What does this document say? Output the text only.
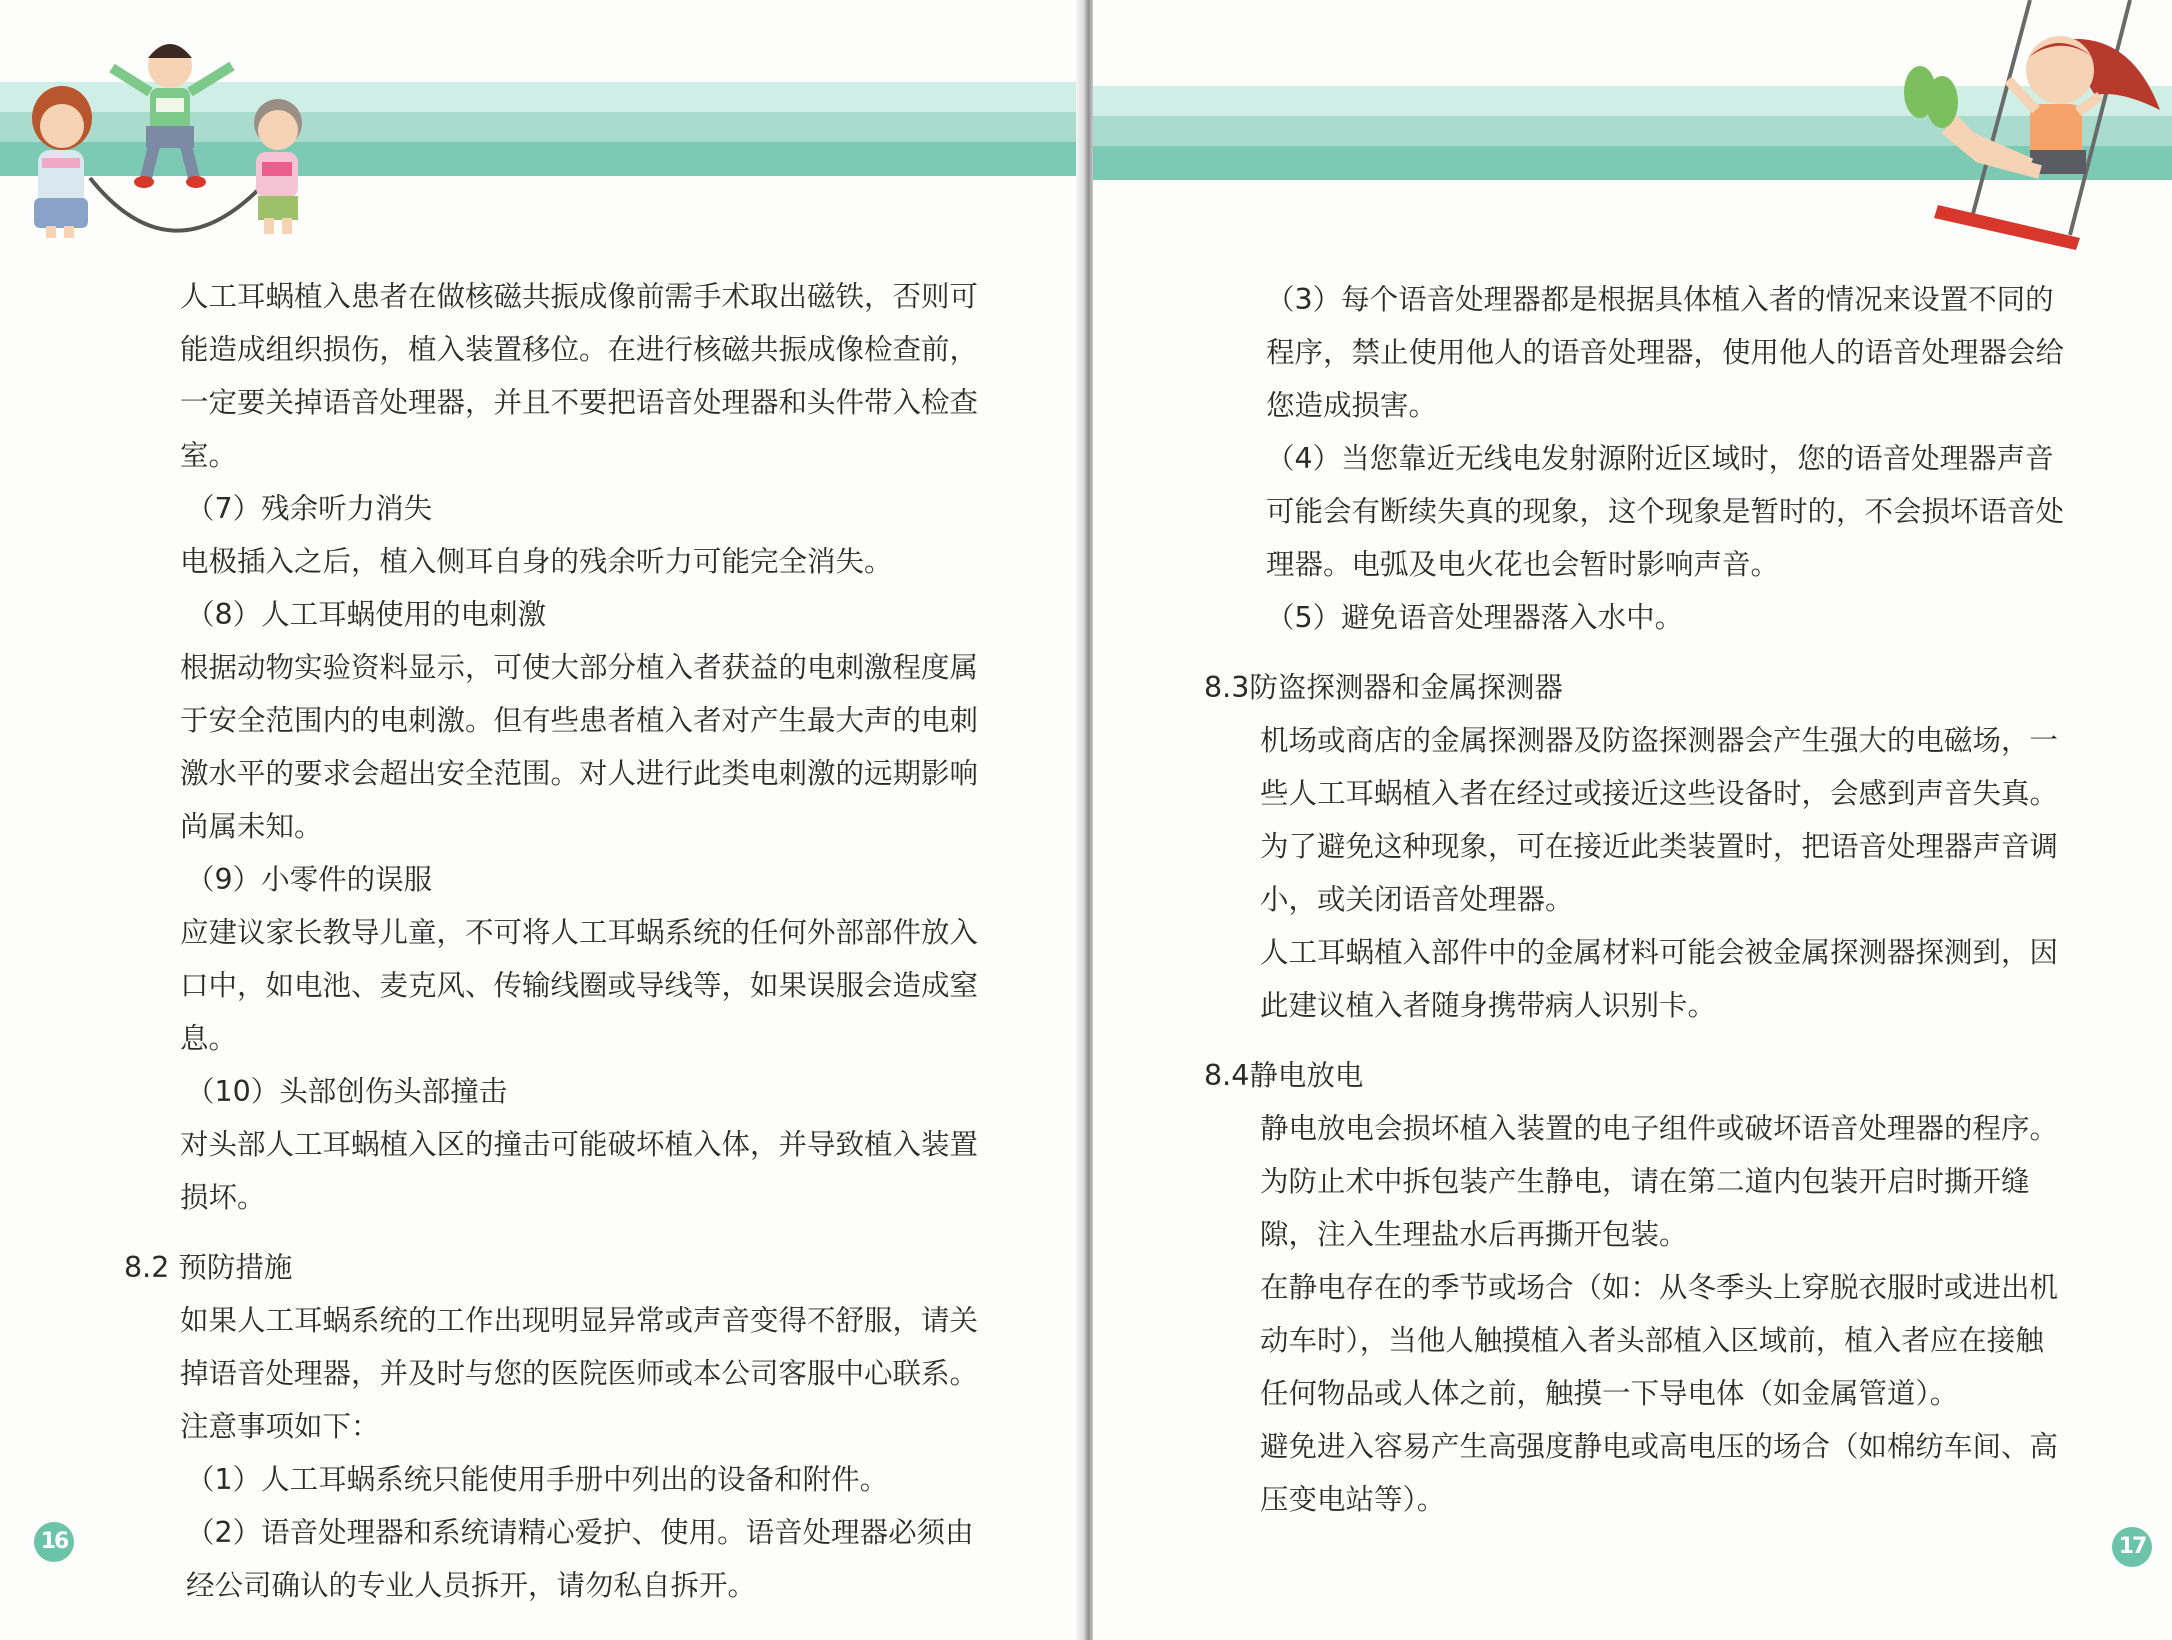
人工耳蜗植入患者在做核磁共振成像前需手术取出磁铁，否则可能造成组织损伤，植入装置移位。在进行核磁共振成像检查前，一定要关掉语音处理器，并且不要把语音处理器和头件带入检查室。

（7）残余听力消失

电极插入之后，植入侧耳自身的残余听力可能完全消失。

（8）人工耳蜗使用的电刺激

根据动物实验资料显示，可使大部分植入者获益的电刺激程度属于安全范围内的电刺激。但有些患者植入者对产生最大声的电刺激水平的要求会超出安全范围。对人进行此类电刺激的远期影响尚属未知。

（9）小零件的误服

应建议家长教导儿童，不可将人工耳蜗系统的任何外部部件放入口中，如电池、麦克风、传输线圈或导线等，如果误服会造成窒息。

（10）头部创伤头部撞击

对头部人工耳蜗植入区的撞击可能破坏植入体，并导致植入装置损坏。

8.2 预防措施

如果人工耳蜗系统的工作出现明显异常或声音变得不舒服，请关掉语音处理器，并及时与您的医院医师或本公司客服中心联系。

注意事项如下：

（1）人工耳蜗系统只能使用手册中列出的设备和附件。

（2）语音处理器和系统请精心爱护、使用。语音处理器必须由经公司确认的专业人员拆开，请勿私自拆开。

16

（3）每个语音处理器都是根据具体植入者的情况来设置不同的程序，禁止使用他人的语音处理器，使用他人的语音处理器会给您造成损害。

（4）当您靠近无线电发射源附近区域时，您的语音处理器声音可能会有断续失真的现象，这个现象是暂时的，不会损坏语音处理器。电弧及电火花也会暂时影响声音。

（5）避免语音处理器落入水中。

8.3防盗探测器和金属探测器

机场或商店的金属探测器及防盗探测器会产生强大的电磁场，一些人工耳蜗植入者在经过或接近这些设备时，会感到声音失真。为了避免这种现象，可在接近此类装置时，把语音处理器声音调小，或关闭语音处理器。

人工耳蜗植入部件中的金属材料可能会被金属探测器探测到，因此建议植入者随身携带病人识别卡。

8.4静电放电

静电放电会损坏植入装置的电子组件或破坏语音处理器的程序。

为防止术中拆包装产生静电，请在第二道内包装开启时撕开缝隙，注入生理盐水后再撕开包装。

在静电存在的季节或场合（如：从冬季头上穿脱衣服时或进出机动车时），当他人触摸植入者头部植入区域前，植入者应在接触任何物品或人体之前，触摸一下导电体（如金属管道）。

避免进入容易产生高强度静电或高电压的场合（如棉纺车间、高压变电站等）。

17
